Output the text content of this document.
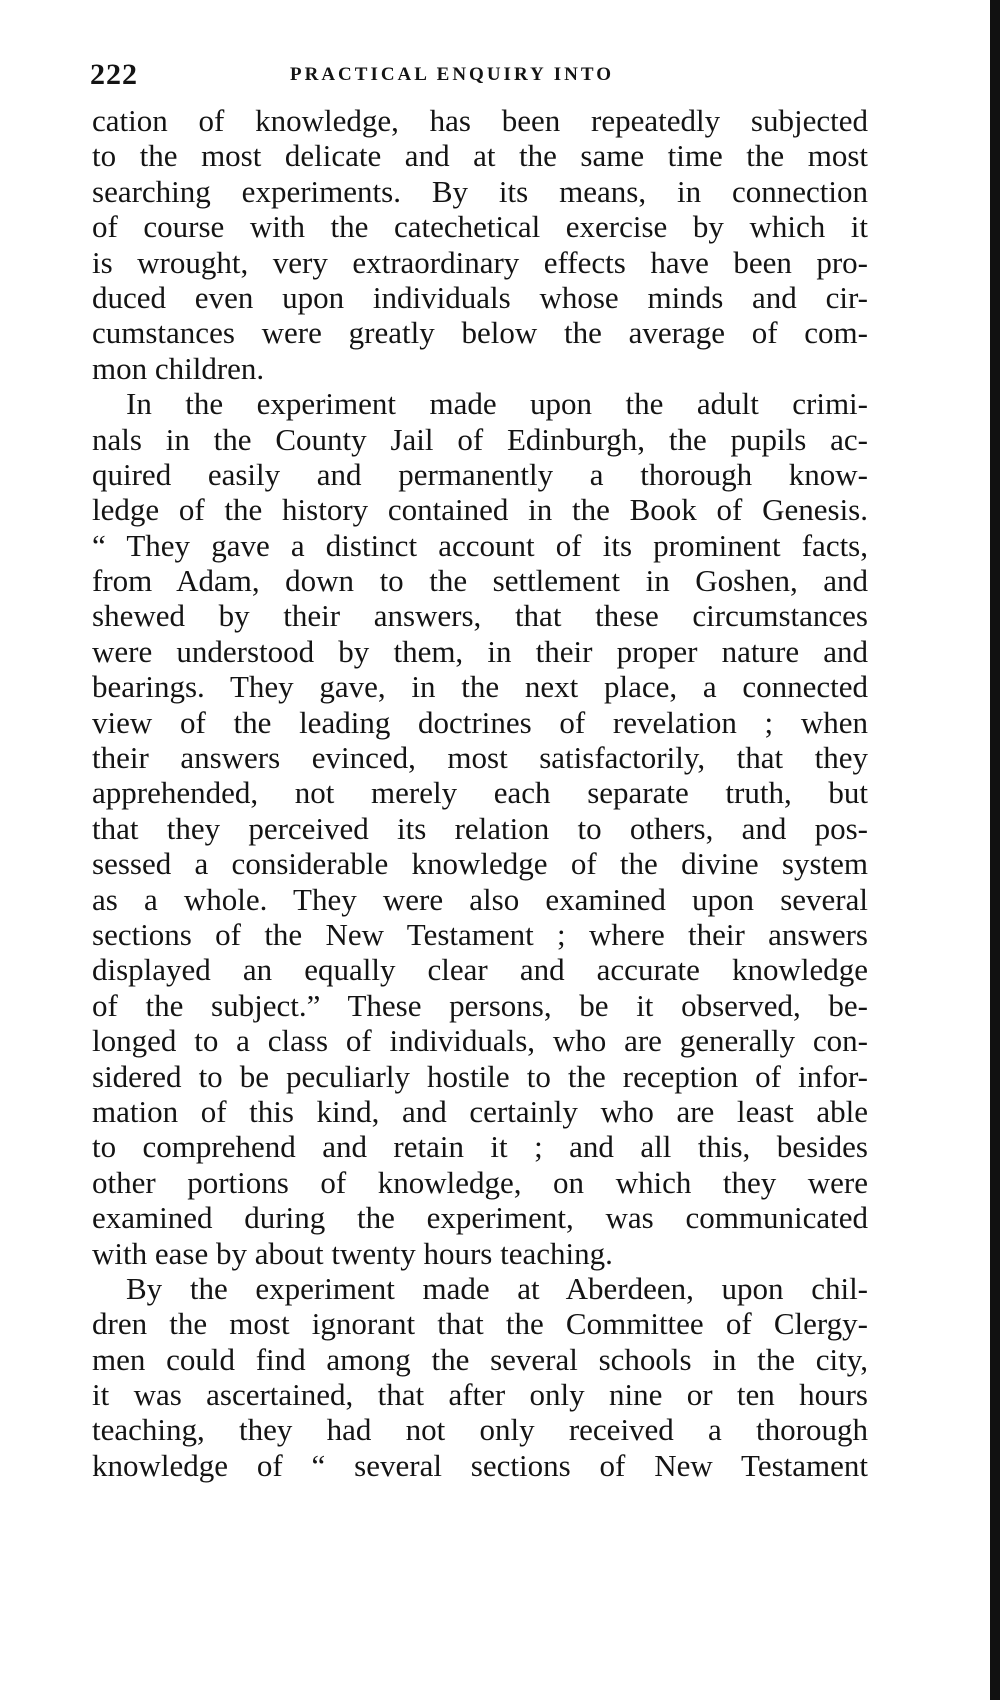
222	PRACTICAL ENQUIRY INTO
cation of knowledge, has been repeatedly subjected
to the most delicate and at the same time the most
searching experiments. By its means, in connection
of course with the catechetical exercise by which it
is wrought, very extraordinary effects have been pro-
duced even upon individuals whose minds and cir-
cumstances were greatly below the average of com-
mon children.
In the experiment made upon the adult crimi-
nals in the County Jail of Edinburgh, the pupils ac-
quired easily and permanently a thorough know-
ledge of the history contained in the Book of Genesis.
“ They gave a distinct account of its prominent facts,
from Adam, down to the settlement in Goshen, and
shewed by their answers, that these circumstances
were understood by them, in their proper nature and
bearings. They gave, in the next place, a connected
view of the leading doctrines of revelation ; when
their answers evinced, most satisfactorily, that they
apprehended, not merely each separate truth, but
that they perceived its relation to others, and pos-
sessed a considerable knowledge of the divine system
as a whole. They were also examined upon several
sections of the New Testament ; where their answers
displayed an equally clear and accurate knowledge
of the subject.” These persons, be it observed, be-
longed to a class of individuals, who are generally con-
sidered to be peculiarly hostile to the reception of infor-
mation of this kind, and certainly who are least able
to comprehend and retain it ; and all this, besides
other portions of knowledge, on which they were
examined during the experiment, was communicated
with ease by about twenty hours teaching.
By the experiment made at Aberdeen, upon chil-
dren the most ignorant that the Committee of Clergy-
men could find among the several schools in the city,
it was ascertained, that after only nine or ten hours
teaching, they had not only received a thorough
knowledge of “ several sections of New Testament
